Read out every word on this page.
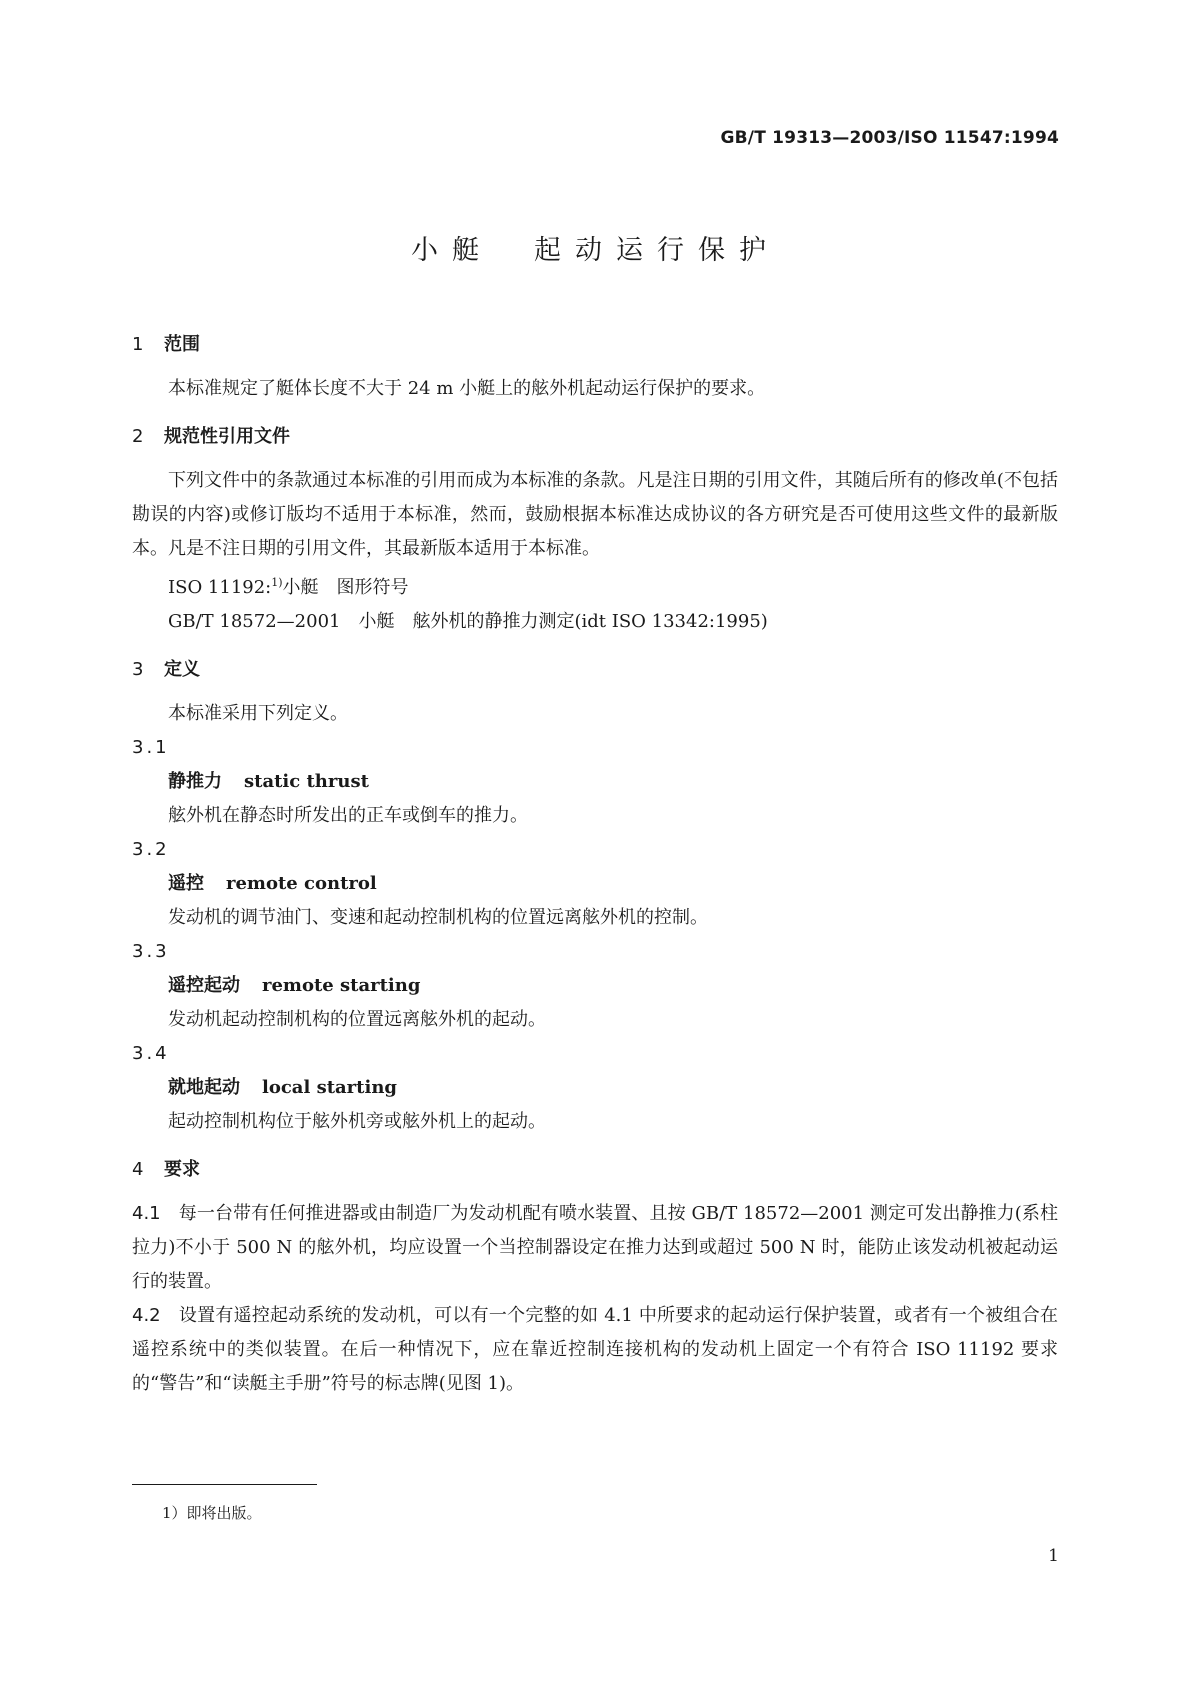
GB/T 19313—2003/ISO 11547:1994
小艇　起动运行保护

1 范围

本标准规定了艇体长度不大于 24 m 小艇上的舷外机起动运行保护的要求。

2 规范性引用文件

下列文件中的条款通过本标准的引用而成为本标准的条款。凡是注日期的引用文件，其随后所有的修改单(不包括勘误的内容)或修订版均不适用于本标准，然而，鼓励根据本标准达成协议的各方研究是否可使用这些文件的最新版本。凡是不注日期的引用文件，其最新版本适用于本标准。

ISO 11192:$^{1)}$小艇　图形符号

GB/T 18572—2001　小艇　舷外机的静推力测定(idt ISO 13342:1995)

3 定义

本标准采用下列定义。

3.1

静推力 static thrust

舷外机在静态时所发出的正车或倒车的推力。

3.2

遥控 remote control

发动机的调节油门、变速和起动控制机构的位置远离舷外机的控制。

3.3

遥控起动 remote starting

发动机起动控制机构的位置远离舷外机的起动。

3.4

就地起动 local starting

起动控制机构位于舷外机旁或舷外机上的起动。

4 要求

4.1 每一台带有任何推进器或由制造厂为发动机配有喷水装置、且按 GB/T 18572—2001 测定可发出静推力(系柱拉力)不小于 500 N 的舷外机，均应设置一个当控制器设定在推力达到或超过 500 N 时，能防止该发动机被起动运行的装置。

4.2 设置有遥控起动系统的发动机，可以有一个完整的如 4.1 中所要求的起动运行保护装置，或者有一个被组合在遥控系统中的类似装置。在后一种情况下，应在靠近控制连接机构的发动机上固定一个有符合 ISO 11192 要求的“警告”和“读艇主手册”符号的标志牌(见图 1)。

1）即将出版。
1
